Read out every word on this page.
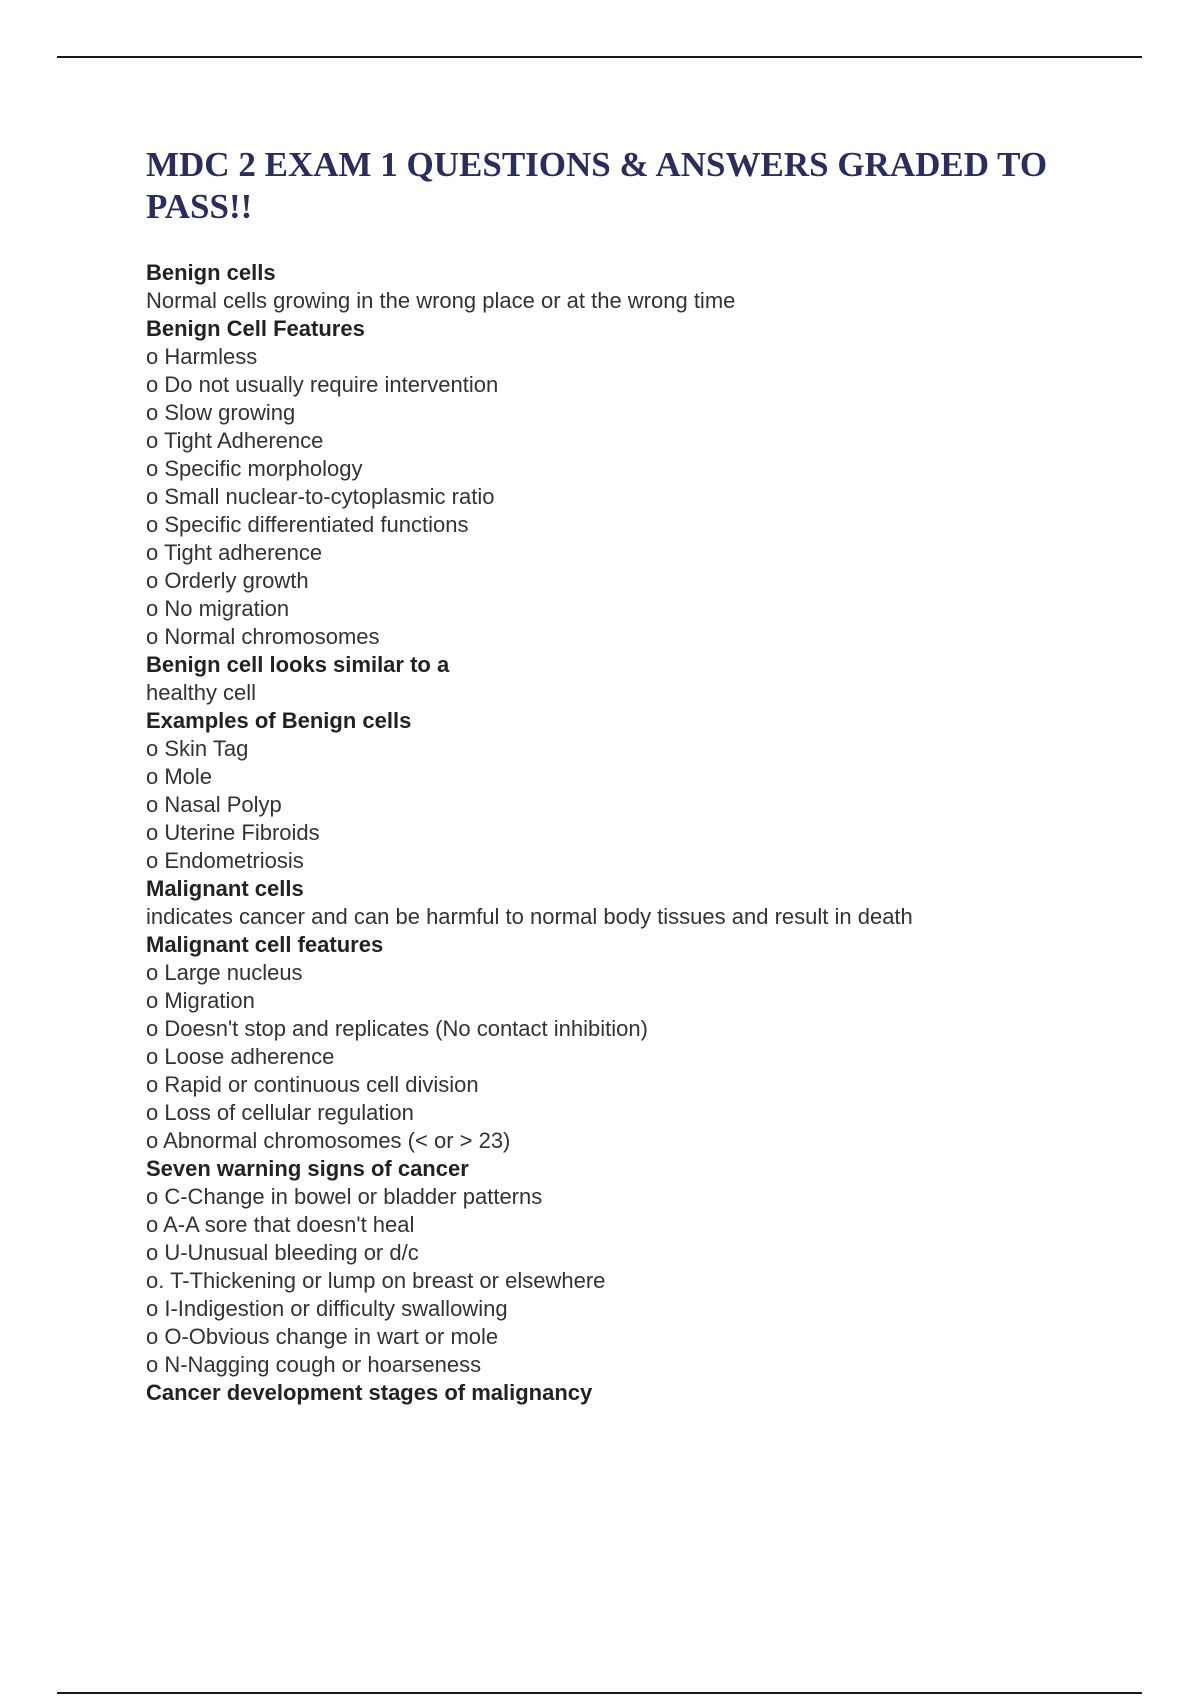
MDC 2 EXAM 1 QUESTIONS & ANSWERS GRADED TO PASS!!
Benign cells
Normal cells growing in the wrong place or at the wrong time
Benign Cell Features
o Harmless
o Do not usually require intervention
o Slow growing
o Tight Adherence
o Specific morphology
o Small nuclear-to-cytoplasmic ratio
o Specific differentiated functions
o Tight adherence
o Orderly growth
o No migration
o Normal chromosomes
Benign cell looks similar to a
healthy cell
Examples of Benign cells
o Skin Tag
o Mole
o Nasal Polyp
o Uterine Fibroids
o Endometriosis
Malignant cells
indicates cancer and can be harmful to normal body tissues and result in death
Malignant cell features
o Large nucleus
o Migration
o Doesn't stop and replicates (No contact inhibition)
o Loose adherence
o Rapid or continuous cell division
o Loss of cellular regulation
o Abnormal chromosomes (< or > 23)
Seven warning signs of cancer
o C-Change in bowel or bladder patterns
o A-A sore that doesn't heal
o U-Unusual bleeding or d/c
o. T-Thickening or lump on breast or elsewhere
o I-Indigestion or difficulty swallowing
o O-Obvious change in wart or mole
o N-Nagging cough or hoarseness
Cancer development stages of malignancy
